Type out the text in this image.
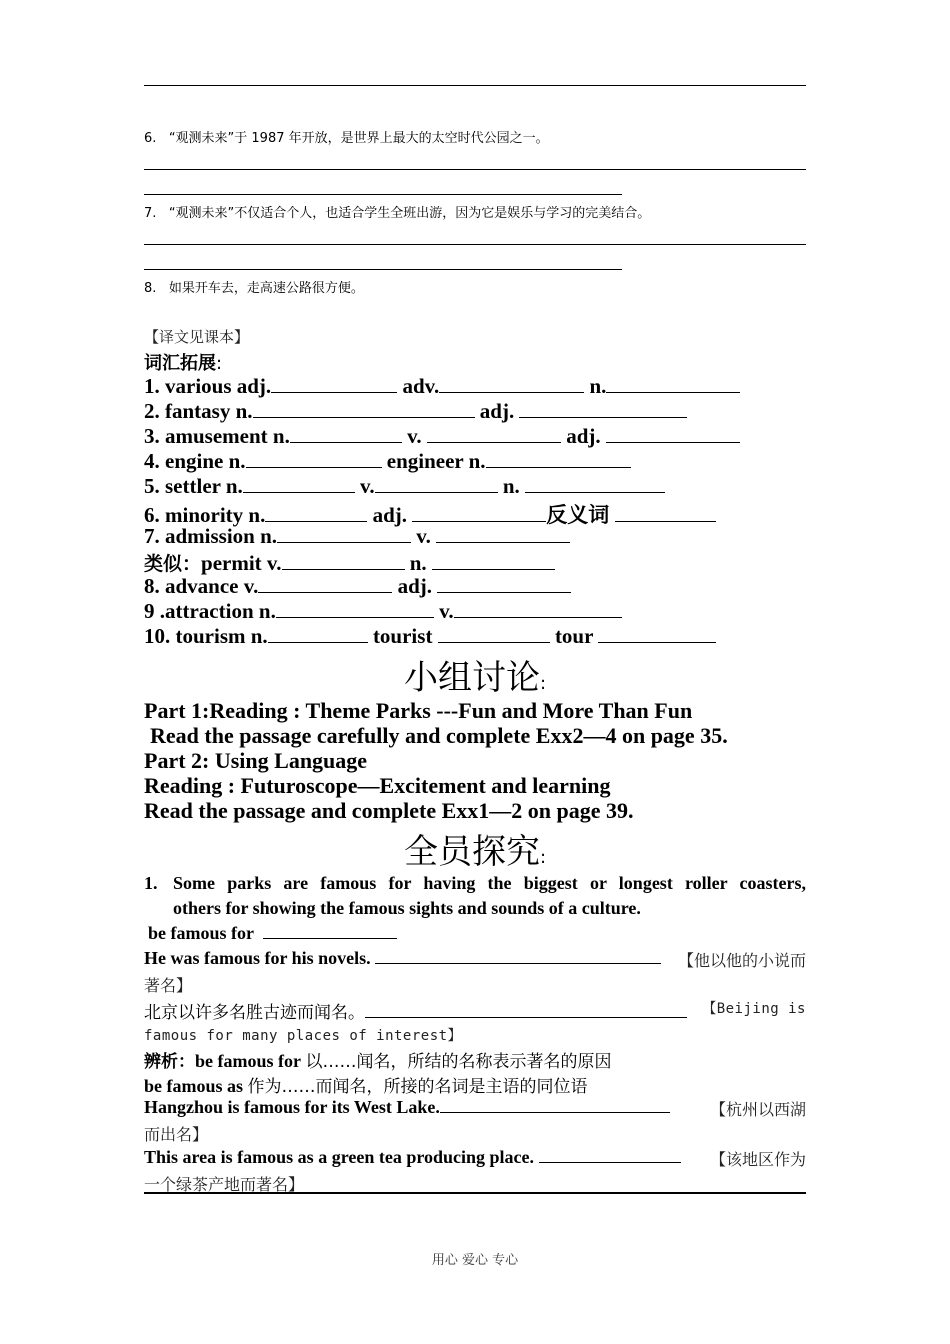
6. “观测未来”于 1987 年开放，是世界上最大的太空时代公园之一。
7. “观测未来”不仅适合个人，也适合学生全班出游，因为它是娱乐与学习的完美结合。
8. 如果开车去，走高速公路很方便。
【译文见课本】
词汇拓展:
1. various adj.	adv.	n.
2. fantasy n.	adj.
3. amusement n.	v.	adj.
4. engine n.	engineer n.
5. settler n.	v.	n.
6. minority n.	adj.	反义词
7. admission n.	v.
类似：permit v.	n.
8. advance v.	adj.
9 .attraction n.	v.
10. tourism n.	tourist	tour
小组讨论:
Part 1:Reading : Theme Parks ---Fun and More Than Fun
Read the passage carefully and complete Exx2—4 on page 35.
Part 2: Using Language
Reading : Futuroscope—Excitement and learning
Read the passage and complete Exx1—2 on page 39.
全员探究:
1. Some parks are famous for having the biggest or longest roller coasters,
others for showing the famous sights and sounds of a culture.
be famous for
He was famous for his novels.	【他以他的小说而
著名】
北京以许多名胜古迹而闻名。	【Beijing is
famous for many places of interest】
辨析：be famous for 以……闻名，所结的名称表示著名的原因
be famous as 作为……而闻名，所接的名词是主语的同位语
Hangzhou is famous for its West Lake.	【杭州以西湖
而出名】
This area is famous as a green tea producing place.	【该地区作为
一个绿茶产地而著名】
用心 爱心 专心
